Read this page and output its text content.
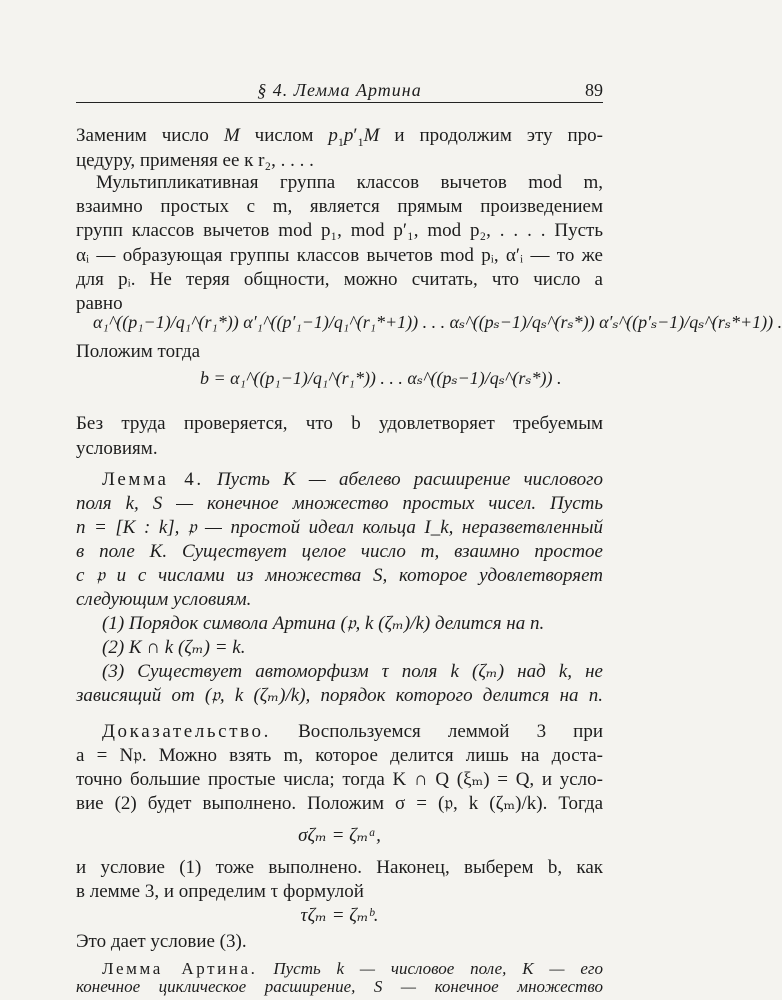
§ 4. Лемма Артина	89
Заменим число M числом $p_1p'_1M$ и продолжим эту про-
цедуру, применяя ее к r₂, . . . .
Мультипликативная группа классов вычетов mod m,
взаимно простых с m, является прямым произведением
групп классов вычетов mod p₁, mod p′₁, mod p₂, . . . . Пусть
αᵢ — образующая группы классов вычетов mod pᵢ, α′ᵢ — то же
для pᵢ. Не теряя общности, можно считать, что число a
равно
α₁^((p₁−1)/q₁^(r₁*)) α′₁^((p′₁−1)/q₁^(r₁*+1)) . . . αₛ^((pₛ−1)/qₛ^(rₛ*)) α′ₛ^((p′ₛ−1)/qₛ^(rₛ*+1)) .
Положим тогда
b = α₁^((p₁−1)/q₁^(r₁*)) . . . αₛ^((pₛ−1)/qₛ^(rₛ*)) .
Без труда проверяется, что b удовлетворяет требуемым
условиям.
Лемма 4. Пусть K — абелево расширение числового
поля k, S — конечное множество простых чисел. Пусть
n = [K : k], 𝔭 — простой идеал кольца I_k, неразветвленный
в поле K. Существует целое число m, взаимно простое
с 𝔭 и с числами из множества S, которое удовлетворяет
следующим условиям.
(1) Порядок символа Артина (𝔭, k (ζₘ)/k) делится на n.
(2) K ∩ k (ζₘ) = k.
(3) Существует автоморфизм τ поля k (ζₘ) над k, не
зависящий от (𝔭, k (ζₘ)/k), порядок которого делится на n.
Доказательство. Воспользуемся леммой 3 при
a = N𝔭. Можно взять m, которое делится лишь на доста-
точно большие простые числа; тогда K ∩ Q (ξₘ) = Q, и усло-
вие (2) будет выполнено. Положим σ = (𝔭, k (ζₘ)/k). Тогда
σζₘ = ζₘᵃ,
и условие (1) тоже выполнено. Наконец, выберем b, как
в лемме 3, и определим τ формулой
τζₘ = ζₘᵇ.
Это дает условие (3).
Лемма Артина. Пусть k — числовое поле, K — его
конечное циклическое расширение, S — конечное множество
